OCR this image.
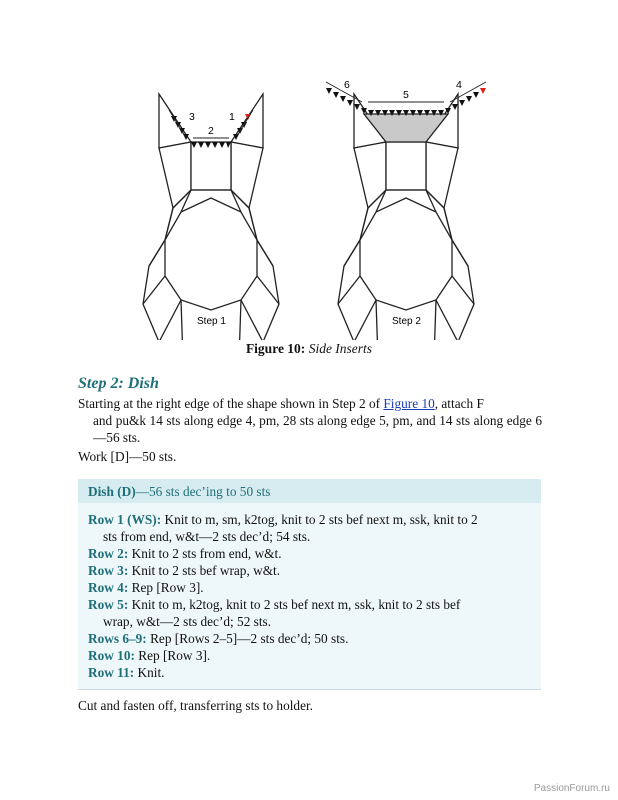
3
2
1
Step 1
6
5
4
Step 2
Figure 10: Side Inserts
Step 2: Dish
Starting at the right edge of the shape shown in Step 2 of Figure 10, attach F
and pu&k 14 sts along edge 4, pm, 28 sts along edge 5, pm, and 14 sts along edge 6—56 sts.
Work [D]—50 sts.
Dish (D)—56 sts dec’ing to 50 sts

Row 1 (WS): Knit to m, sm, k2tog, knit to 2 sts bef next m, ssk, knit to 2
sts from end, w&t—2 sts dec’d; 54 sts.

Row 2: Knit to 2 sts from end, w&t.

Row 3: Knit to 2 sts bef wrap, w&t.

Row 4: Rep [Row 3].

Row 5: Knit to m, k2tog, knit to 2 sts bef next m, ssk, knit to 2 sts bef
wrap, w&t—2 sts dec’d; 52 sts.

Rows 6–9: Rep [Rows 2–5]—2 sts dec’d; 50 sts.

Row 10: Rep [Row 3].

Row 11: Knit.

Cut and fasten off, transferring sts to holder.
PassionForum.ru
